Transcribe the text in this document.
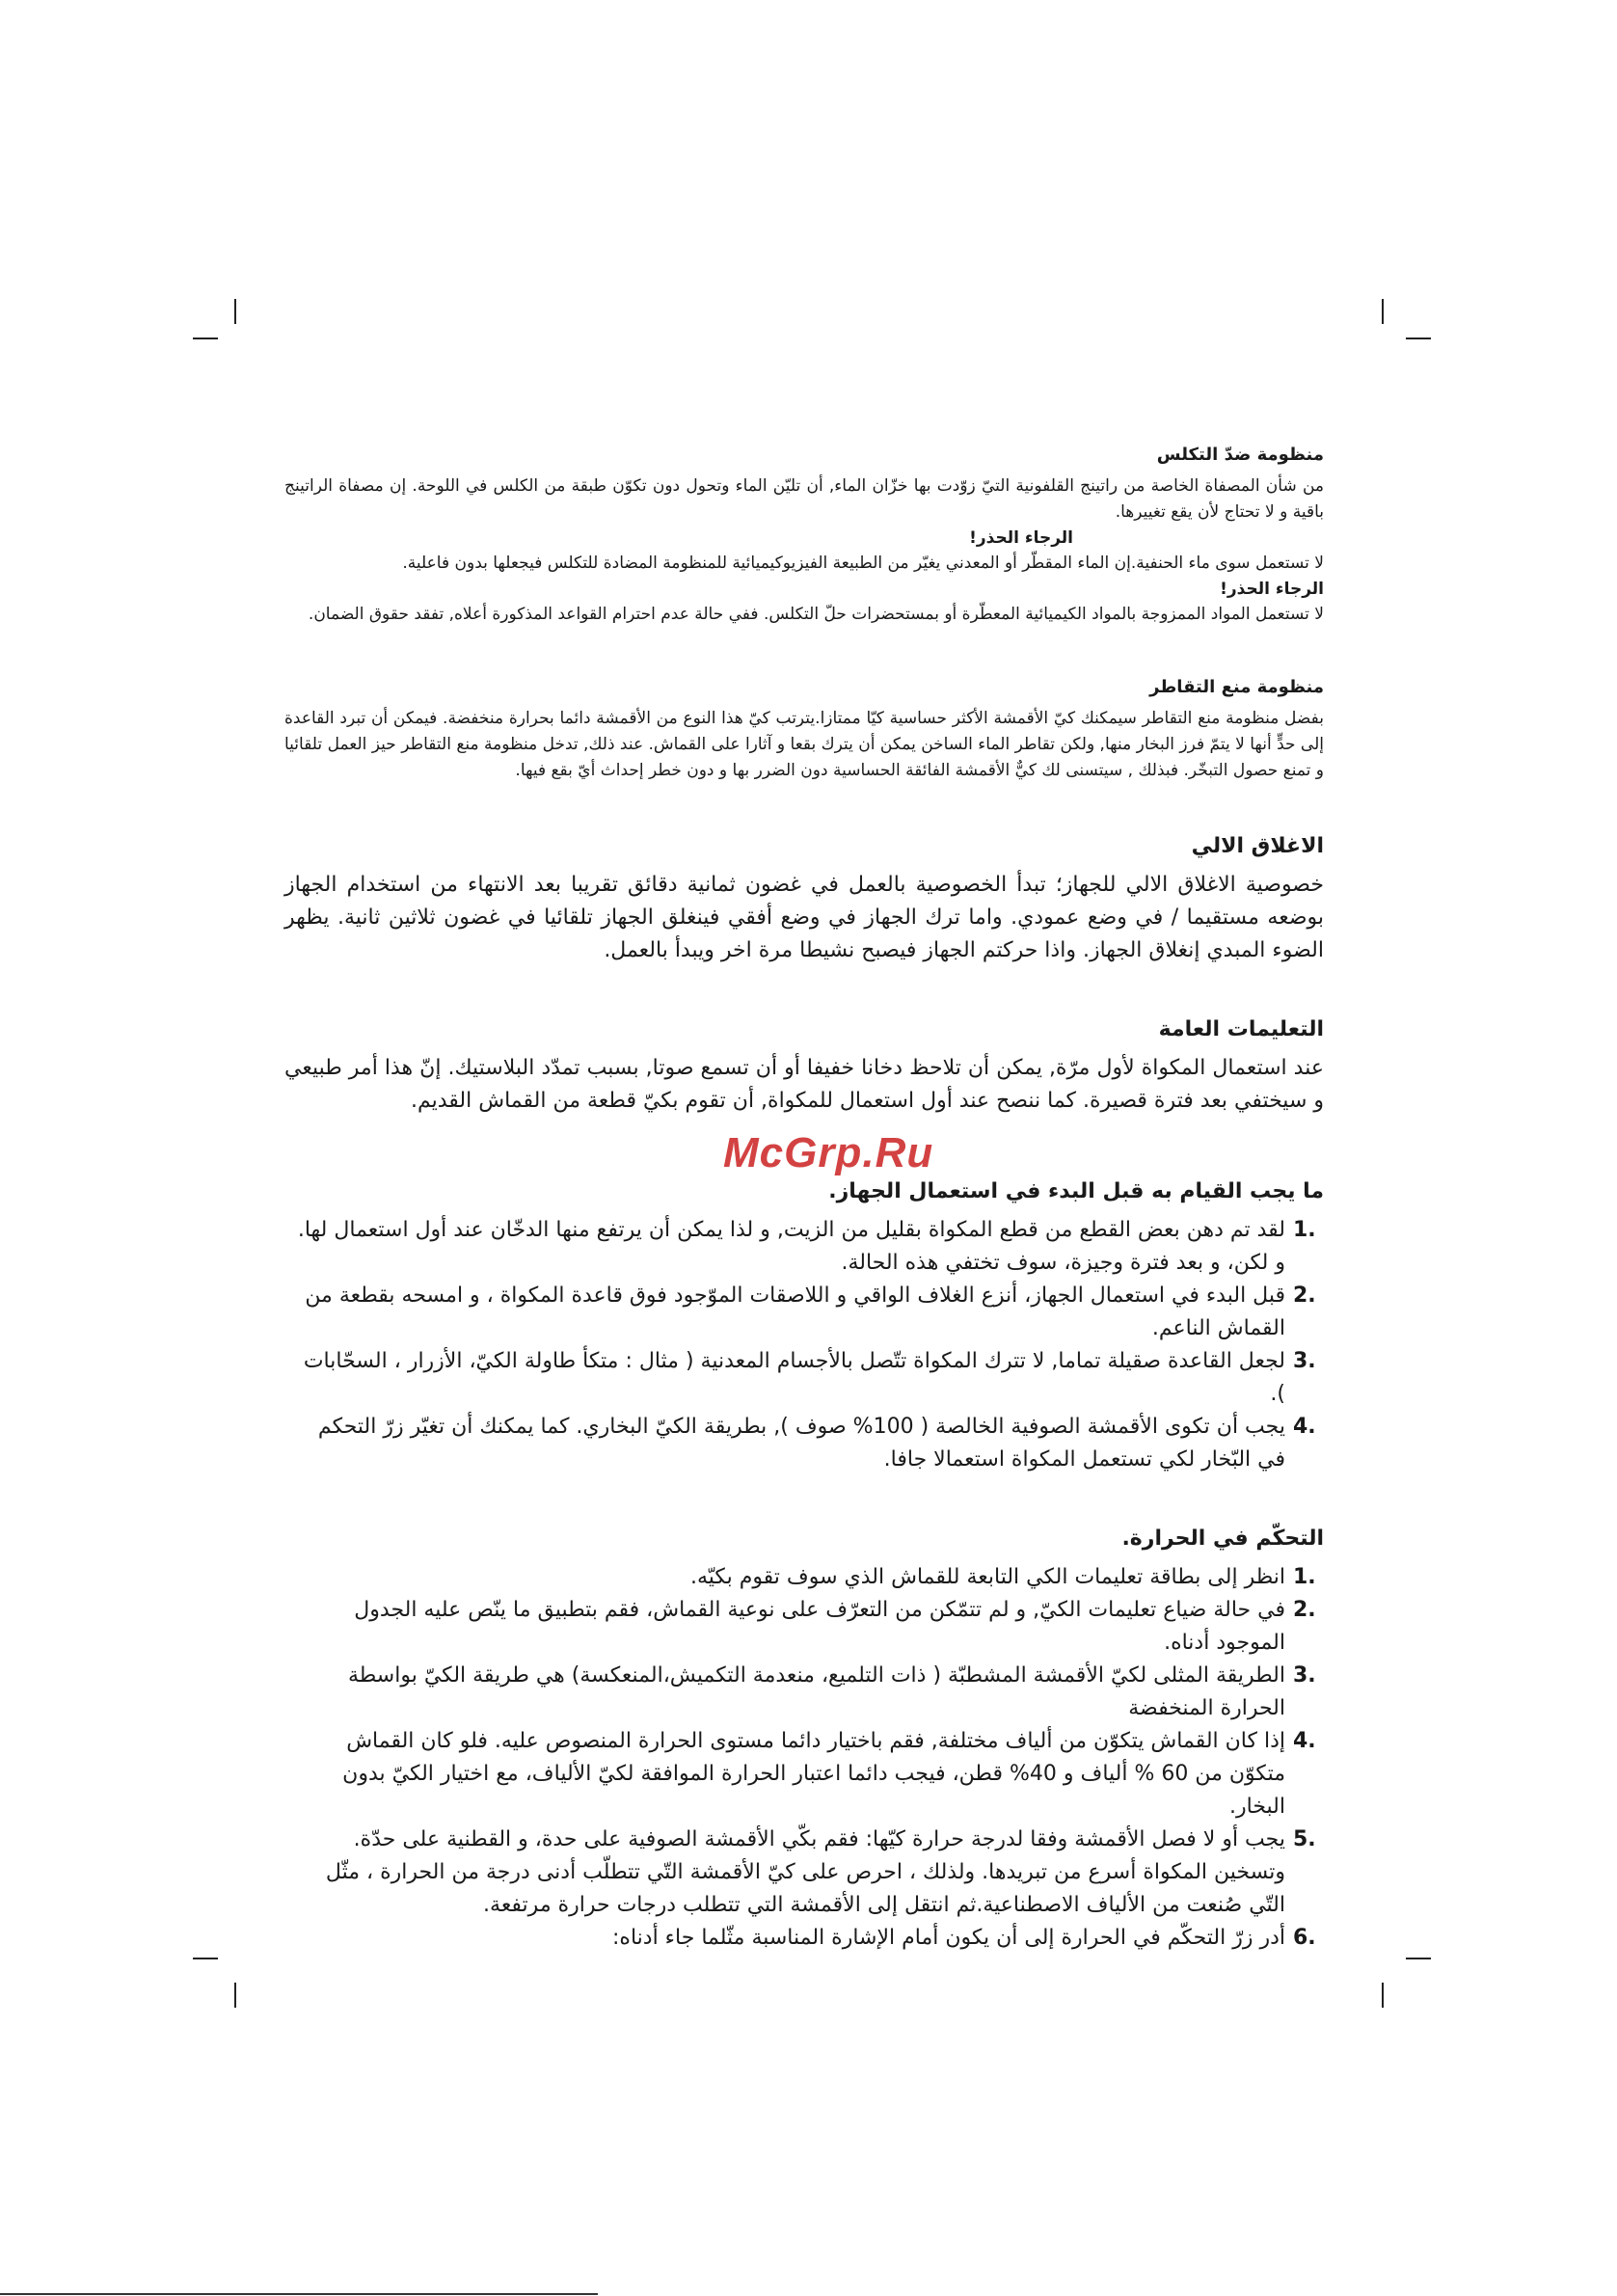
McGrp.Ru

منظومة ضدّ التكلس

من شأن المصفاة الخاصة من راتينج القلفونية التيّ زوّدت بها خزّان الماء, أن تليّن الماء وتحول دون تكوّن طبقة من الكلس في اللوحة. إن مصفاة الراتينج باقية و لا تحتاج لأن يقع تغييرها.

الرجاء الحذر!

لا تستعمل سوى ماء الحنفية.إن الماء المقطّر أو المعدني يغيّر من الطبيعة الفيزيوكيميائية للمنظومة المضادة للتكلس فيجعلها بدون فاعلية.

الرجاء الحذر!

لا تستعمل المواد الممزوجة بالمواد الكيميائية المعطّرة أو بمستحضرات حلّ التكلس. ففي حالة عدم احترام القواعد المذكورة أعلاه, تفقد حقوق الضمان.

منظومة منع التقاطر

بفضل منظومة منع التقاطر سيمكنك كيّ الأقمشة الأكثر حساسية كيّا ممتازا.يترتب كيّ هذا النوع من الأقمشة دائما بحرارة منخفضة. فيمكن أن تبرد القاعدة إلى حدٍّ أنها لا يتمّ فرز البخار منها, ولكن تقاطر الماء الساخن يمكن أن يترك بقعا و آثارا على القماش. عند ذلك, تدخل منظومة منع التقاطر حيز العمل تلقائيا و تمنع حصول التبخّر. فبذلك , سيتسنى لك كيٌّ الأقمشة الفائقة الحساسية دون الضرر بها و دون خطر إحداث أيّ بقع فيها.

الاغلاق الالي

خصوصية الاغلاق الالي للجهاز؛ تبدأ الخصوصية بالعمل في غضون ثمانية دقائق تقريبا بعد الانتهاء من استخدام الجهاز بوضعه مستقيما / في وضع عمودي. واما ترك الجهاز في وضع أفقي فينغلق الجهاز تلقائيا في غضون ثلاثين ثانية. يظهر الضوء المبدي إنغلاق الجهاز. واذا حركتم الجهاز فيصبح نشيطا مرة اخر ويبدأ بالعمل.

التعليمات العامة

عند استعمال المكواة لأول مرّة, يمكن أن تلاحظ دخانا خفيفا أو أن تسمع صوتا, بسبب تمدّد البلاستيك. إنّ هذا أمر طبيعي و سيختفي بعد فترة قصيرة. كما ننصح عند أول استعمال للمكواة, أن تقوم بكيّ قطعة من القماش القديم.

ما يجب القيام به قبل البدء في استعمال الجهاز.

1.
لقد تم دهن بعض القطع من قطع المكواة بقليل من الزيت, و لذا يمكن أن يرتفع منها الدخّان عند أول استعمال لها. و لكن، و بعد فترة وجيزة، سوف تختفي هذه الحالة.
2.
قبل البدء في استعمال الجهاز، أنزع الغلاف الواقي و اللاصقات الموّجود فوق قاعدة المكواة ، و امسحه بقطعة من القماش الناعم.
3.
لجعل القاعدة صقيلة تماما, لا تترك المكواة تتّصل بالأجسام المعدنية ( مثال : متكأ طاولة الكيّ، الأزرار ، السحّابات ).
4.
يجب أن تكوى الأقمشة الصوفية الخالصة ( 100% صوف ), بطريقة الكيّ البخاري. كما يمكنك أن تغيّر زرّ التحكم في البّخار لكي تستعمل المكواة استعمالا جافا.

التحكّم في الحرارة.

1.
انظر إلى بطاقة تعليمات الكي التابعة للقماش الذي سوف تقوم بكيّه.
2.
في حالة ضياع تعليمات الكيّ, و لم تتمّكن من التعرّف على نوعية القماش، فقم بتطبيق ما ينّص عليه الجدول الموجود أدناه.
3.
الطريقة المثلى لكيّ الأقمشة المشطبّة ( ذات التلميع، منعدمة التكميش،المنعكسة) هي طريقة الكيّ بواسطة الحرارة المنخفضة
4.
إذا كان القماش يتكوّن من ألياف مختلفة, فقم باختيار دائما مستوى الحرارة المنصوص عليه. فلو كان القماش متكوّن من 60 % ألياف و 40% قطن، فيجب دائما اعتبار الحرارة الموافقة لكيّ الألياف، مع اختيار الكيّ بدون البخار.
5.
يجب أو لا فصل الأقمشة وفقا لدرجة حرارة كيّها: فقم بكّي الأقمشة الصوفية على حدة، و القطنية على حدّة. وتسخين المكواة أسرع من تبريدها. ولذلك ، احرص على كيّ الأقمشة التّي تتطلّب أدنى درجة من الحرارة ، مثّل التّي صُنعت من الألياف الاصطناعية.ثم انتقل إلى الأقمشة التي تتطلب درجات حرارة مرتفعة.
6.
أدر زرّ التحكّم في الحرارة إلى أن يكون أمام الإشارة المناسبة مثّلما جاء أدناه:
